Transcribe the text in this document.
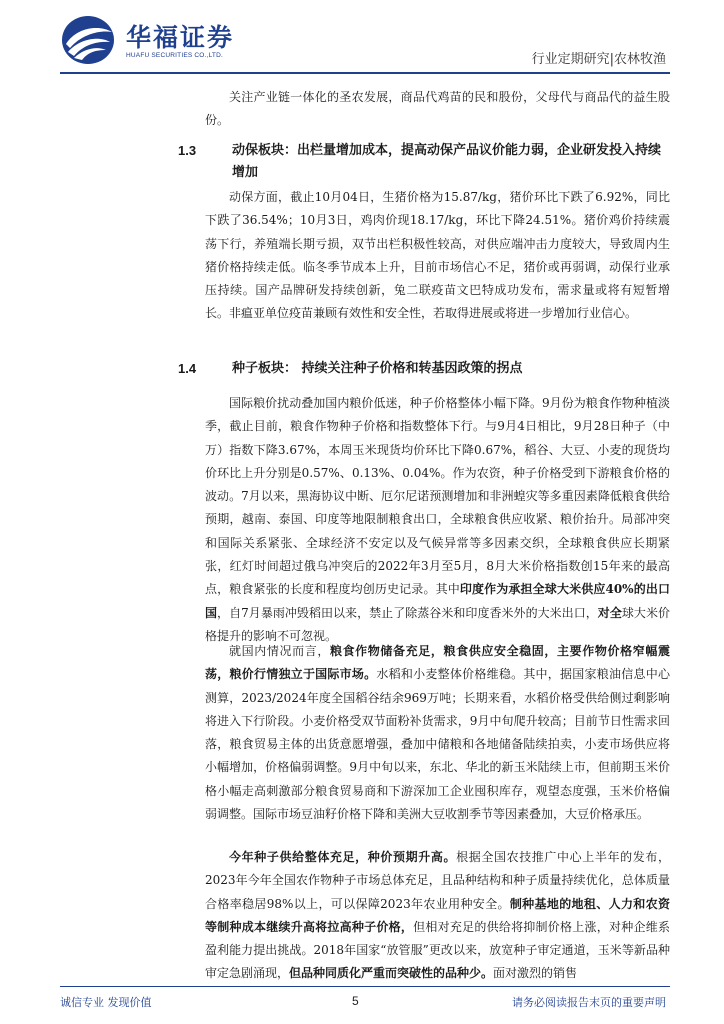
华福证券
HUAFU SECURITIES CO.,LTD.	行业定期研究|农林牧渔

关注产业链一体化的圣农发展，商品代鸡苗的民和股份，父母代与商品代的益生股份。

1.3	动保板块：出栏量增加成本，提高动保产品议价能力弱，企业研发投入持续增加

动保方面，截止10月04日，生猪价格为15.87/kg，猪价环比下跌了6.92%，同比下跌了36.54%；10月3日，鸡肉价现18.17/kg，环比下降24.51%。猪价鸡价持续震荡下行，养殖端长期亏损，双节出栏积极性较高，对供应端冲击力度较大，导致周内生猪价格持续走低。临冬季节成本上升，目前市场信心不足，猪价或再弱调，动保行业承压持续。国产品牌研发持续创新，兔二联疫苗文巴特成功发布，需求量或将有短暂增长。非瘟亚单位疫苗兼顾有效性和安全性，若取得进展或将进一步增加行业信心。

1.4	种子板块： 持续关注种子价格和转基因政策的拐点

国际粮价扰动叠加国内粮价低迷，种子价格整体小幅下降。9月份为粮食作物种植淡季，截止目前，粮食作物种子价格和指数整体下行。与9月4日相比，9月28日种子（中万）指数下降3.67%，本周玉米现货均价环比下降0.67%，稻谷、大豆、小麦的现货均价环比上升分别是0.57%、0.13%、0.04%。作为农资，种子价格受到下游粮食价格的波动。7月以来，黑海协议中断、厄尔尼诺预测增加和非洲蝗灾等多重因素降低粮食供给预期，越南、泰国、印度等地限制粮食出口，全球粮食供应收紧、粮价抬升。局部冲突和国际关系紧张、全球经济不安定以及气候异常等多因素交织，全球粮食供应长期紧张，红灯时间超过俄乌冲突后的2022年3月至5月，8月大米价格指数创15年来的最高点，粮食紧张的长度和程度均创历史记录。其中印度作为承担全球大米供应40%的出口国，自7月暴雨冲毁稻田以来，禁止了除蒸谷米和印度香米外的大米出口，对全球大米价格提升的影响不可忽视。

就国内情况而言，粮食作物储备充足，粮食供应安全稳固，主要作物价格窄幅震荡，粮价行情独立于国际市场。水稻和小麦整体价格维稳。其中，据国家粮油信息中心测算，2023/2024年度全国稻谷结余969万吨；长期来看，水稻价格受供给侧过剩影响将进入下行阶段。小麦价格受双节面粉补货需求，9月中旬爬升较高；目前节日性需求回落，粮食贸易主体的出货意愿增强，叠加中储粮和各地储备陆续拍卖，小麦市场供应将小幅增加，价格偏弱调整。9月中旬以来，东北、华北的新玉米陆续上市，但前期玉米价格小幅走高刺激部分粮食贸易商和下游深加工企业囤积库存，观望态度强，玉米价格偏弱调整。国际市场豆油籽价格下降和美洲大豆收割季节等因素叠加，大豆价格承压。

今年种子供给整体充足，种价预期升高。根据全国农技推广中心上半年的发布，2023年今年全国农作物种子市场总体充足，且品种结构和种子质量持续优化，总体质量合格率稳居98%以上，可以保障2023年农业用种安全。制种基地的地租、人力和农资等制种成本继续升高将拉高种子价格，但相对充足的供给将抑制价格上涨，对种企维系盈利能力提出挑战。2018年国家“放管服”更改以来，放宽种子审定通道，玉米等新品种审定急剧涌现，但品种同质化严重而突破性的品种少。面对激烈的销售

诚信专业 发现价值	5	请务必阅读报告末页的重要声明
